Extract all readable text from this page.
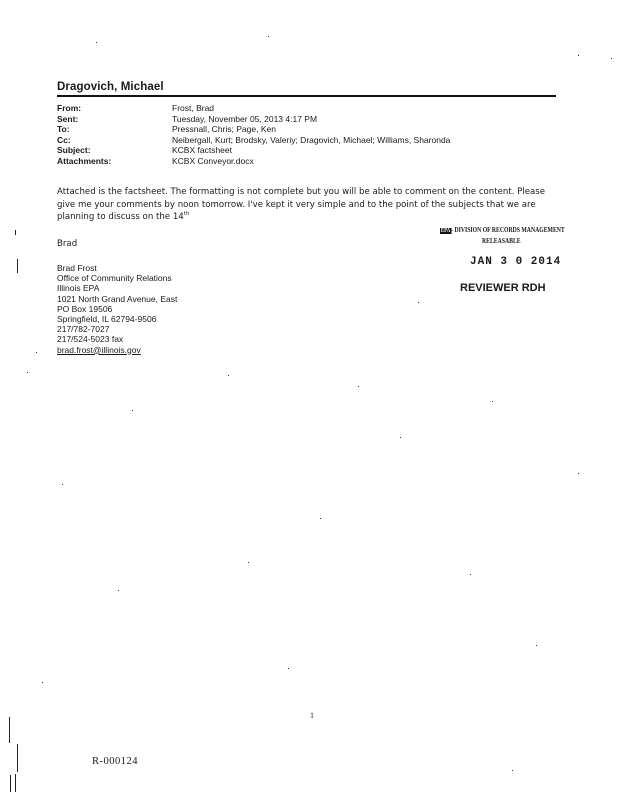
Dragovich, Michael
From:	Frost, Brad
Sent:	Tuesday, November 05, 2013 4:17 PM
To:	Pressnall, Chris; Page, Ken
Cc:	Neibergall, Kurt; Brodsky, Valeriy; Dragovich, Michael; Williams, Sharonda
Subject:	KCBX factsheet
Attachments:	KCBX Conveyor.docx
Attached is the factsheet. The formatting is not complete but you will be able to comment on the content. Please give me your comments by noon tomorrow. I've kept it very simple and to the point of the subjects that we are planning to discuss on the 14th
Brad
Brad Frost
Office of Community Relations
Illinois EPA
1021 North Grand Avenue, East
PO Box 19506
Springfield, IL 62794-9506
217/782-7027
217/524-5023 fax
brad.frost@illinois.gov
EPA- DIVISION OF RECORDS MANAGEMENT
RELEASABLE
JAN 3 0 2014
REVIEWER RDH
1
R-000124
